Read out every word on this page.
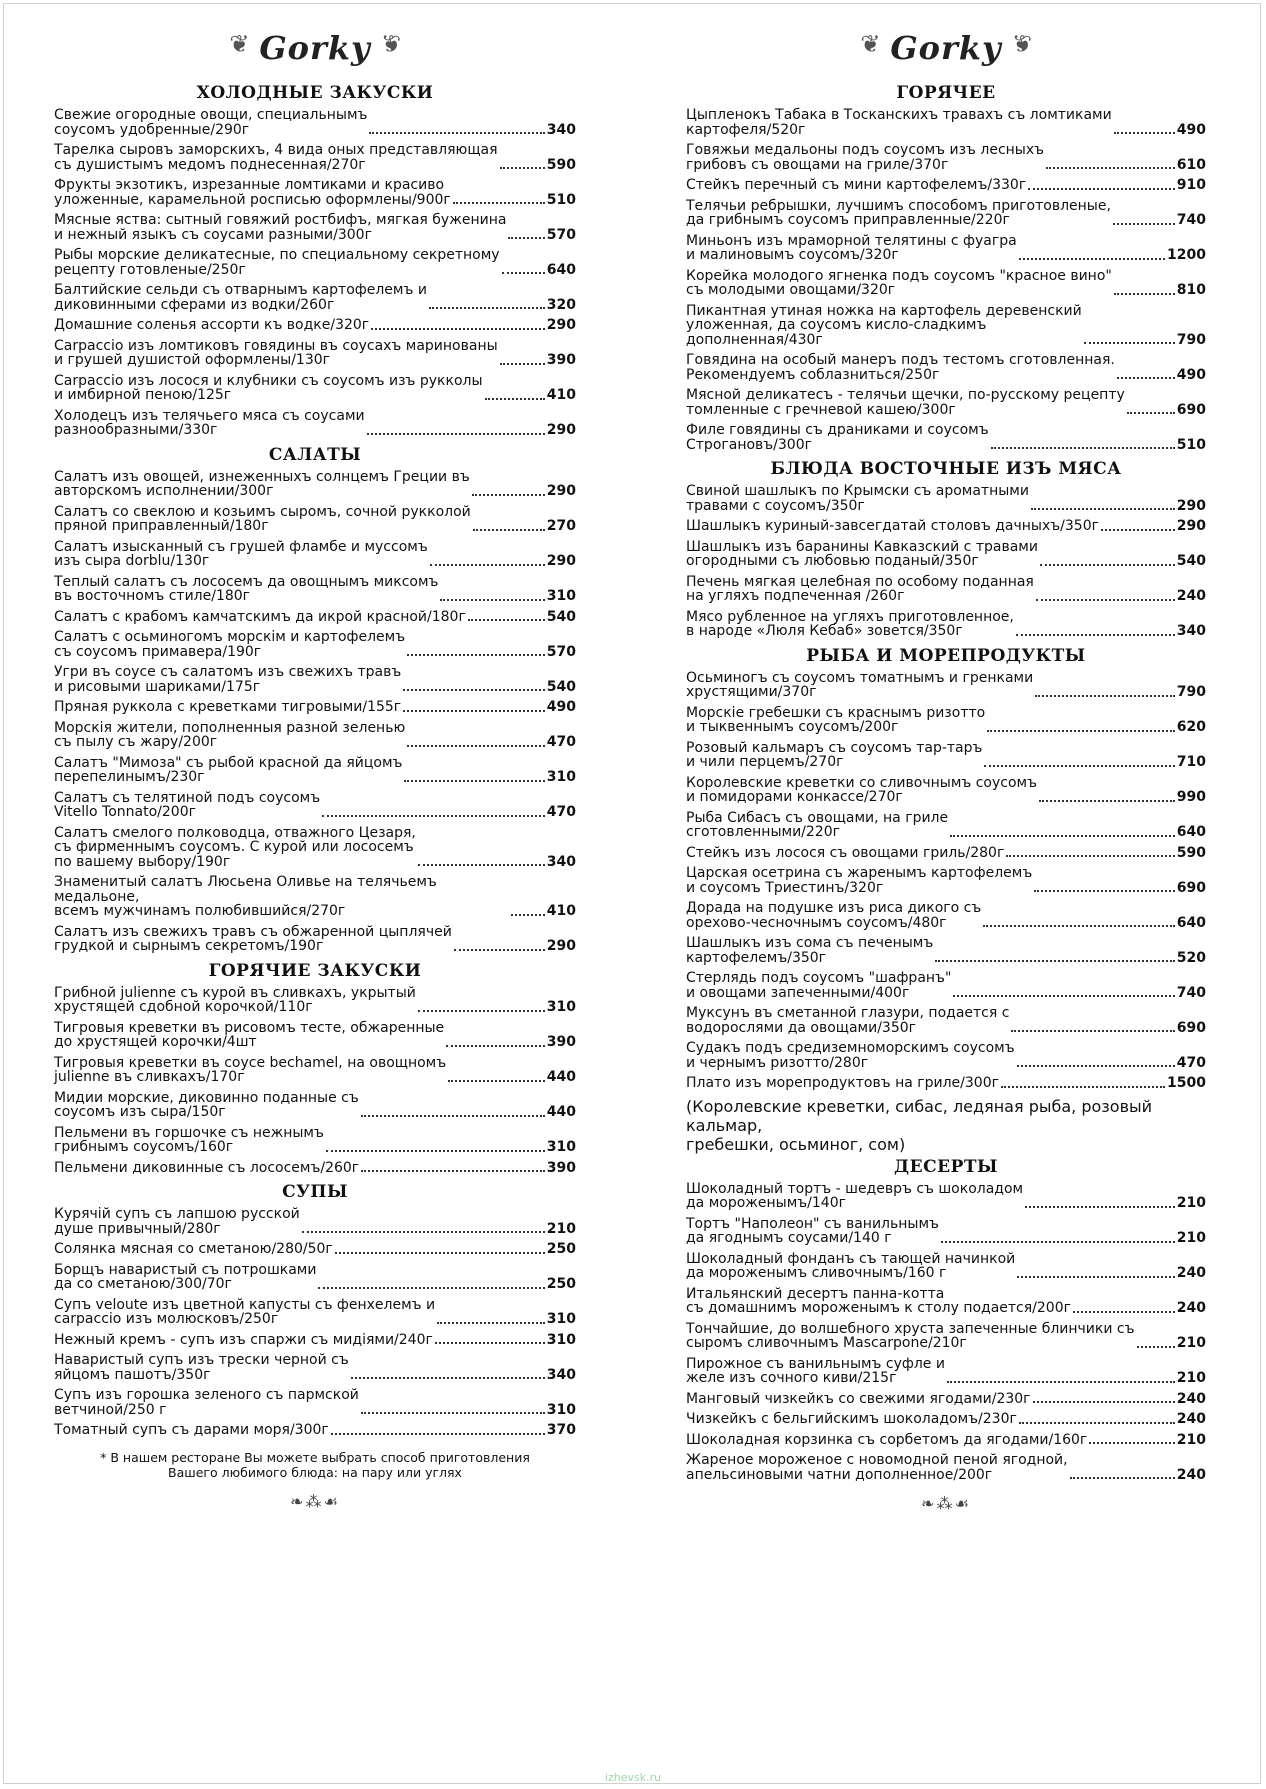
❦ Gorky ❦
ХОЛОДНЫЕ ЗАКУСКИ
Свежие огородные овощи, специальнымъ
соусомъ удобренные/290г	340
Тарелка сыровъ заморскихъ, 4 вида оных представляющая
съ душистымъ медомъ поднесенная/270г	590
Фрукты экзотикъ, изрезанные ломтиками и красиво
уложенные, карамельной росписью оформлены/900г	510
Мясные яства: сытный говяжий ростбифъ, мягкая буженина
и нежный языкъ съ соусами разными/300г	570
Рыбы морские деликатесные, по специальному секретному
рецепту готовленые/250г	640
Балтийские сельди съ отварнымъ картофелемъ и
диковинными сферами из водки/260г	320
Домашние соленья ассорти къ водке/320г	290
Carpaccio изъ ломтиковъ говядины въ соусахъ маринованы
и грушей душистой оформлены/130г	390
Carpaccio изъ лосося и клубники съ соусомъ изъ рукколы
и имбирной пеною/125г	410
Холодецъ изъ телячьего мяса съ соусами
разнообразными/330г	290
САЛАТЫ
Салатъ изъ овощей, изнеженныхъ солнцемъ Греции въ
авторскомъ исполнении/300г	290
Салатъ со свеклою и козьимъ сыромъ, сочной рукколой
пряной приправленный/180г	270
Салатъ изысканный съ грушей фламбе и муссомъ
изъ сыра dorblu/130г	290
Теплый салатъ съ лососемъ да овощнымъ миксомъ
въ восточномъ стиле/180г	310
Салатъ с крабомъ камчатскимъ да икрой красной/180г	540
Салатъ с осьминогомъ морскім и картофелемъ
съ соусомъ примавера/190г	570
Угри въ соусе съ салатомъ изъ свежихъ травъ
и рисовыми шариками/175г	540
Пряная руккола с креветками тигровыми/155г	490
Морскія жители, пополненныя разной зеленью
съ пылу съ жару/200г	470
Салатъ "Мимоза" съ рыбой красной да яйцомъ
перепелинымъ/230г	310
Салатъ съ телятиной подъ соусомъ
Vitello Tonnato/200г	470
Салатъ смелого полководца, отважного Цезаря,
съ фирменнымъ соусомъ. С курой или лососемъ
по вашему выбору/190г	340
Знаменитый салатъ Люсьена Оливье на телячьемъ медальоне,
всемъ мужчинамъ полюбившийся/270г	410
Салатъ изъ свежихъ травъ съ обжаренной цыплячей
грудкой и сырнымъ секретомъ/190г	290
ГОРЯЧИЕ ЗАКУСКИ
Грибной julienne съ курой въ сливкахъ, укрытый
хрустящей сдобной корочкой/110г	310
Тигровыя креветки въ рисовомъ тесте, обжаренные
до хрустящей корочки/4шт	390
Тигровыя креветки въ соусе bechamel, на овощномъ
julienne въ сливкахъ/170г	440
Мидии морские, диковинно поданные съ
соусомъ изъ сыра/150г	440
Пельмени въ горшочке съ нежнымъ
грибнымъ соусомъ/160г	310
Пельмени диковинные съ лососемъ/260г	390
СУПЫ
Курячій супъ съ лапшою русской
душе привычный/280г	210
Солянка мясная со сметаною/280/50г	250
Борщъ наваристый съ потрошками
да со сметаною/300/70г	250
Супъ veloute изъ цветной капусты съ фенхелемъ и
carpaccio изъ молюсковъ/250г	310
Нежный кремъ - супъ изъ спаржи съ мидіями/240г	310
Наваристый супъ изъ трески черной съ
яйцомъ пашотъ/350г	340
Супъ изъ горошка зеленого съ пармской
ветчиной/250 г	310
Томатный супъ съ дарами моря/300г	370
* В нашем ресторане Вы можете выбрать способ приготовления
Вашего любимого блюда: на пару или углях
❧⁂☙
❦ Gorky ❦
ГОРЯЧЕЕ
Цыпленокъ Табака в Тосканскихъ травахъ съ ломтиками
картофеля/520г	490
Говяжьи медальоны подъ соусомъ изъ лесныхъ
грибовъ съ овощами на гриле/370г	610
Стейкъ перечный съ мини картофелемъ/330г	910
Телячьи ребрышки, лучшимъ способомъ приготовленые,
да грибнымъ соусомъ приправленные/220г	740
Миньонъ изъ мраморной телятины с фуагра
и малиновымъ соусомъ/320г	1200
Корейка молодого ягненка подъ соусомъ "красное вино"
съ молодыми овощами/320г	810
Пикантная утиная ножка на картофель деревенский
уложенная, да соусомъ кисло-сладкимъ
дополненная/430г	790
Говядина на особый манеръ подъ тестомъ сготовленная.
Рекомендуемъ соблазниться/250г	490
Мясной деликатесъ - телячьи щечки, по-русскому рецепту
томленные с гречневой кашею/300г	690
Филе говядины съ драниками и соусомъ
Строгановъ/300г	510
БЛЮДА ВОСТОЧНЫЕ ИЗЪ МЯСА
Свиной шашлыкъ по Крымски съ ароматными
травами с соусомъ/350г	290
Шашлыкъ куриный-завсегдатай столовъ дачныхъ/350г	290
Шашлыкъ изъ баранины Кавказский с травами
огородными съ любовью поданый/350г	540
Печень мягкая целебная по особому поданная
на угляхъ подпеченная /260г	240
Мясо рубленное на угляхъ приготовленное,
в народе «Люля Кебаб» зовется/350г	340
РЫБА И МОРЕПРОДУКТЫ
Осьминогъ съ соусомъ томатнымъ и гренками
хрустящими/370г	790
Морскіе гребешки съ краснымъ ризотто
и тыквеннымъ соусомъ/200г	620
Розовый кальмаръ съ соусомъ тар-таръ
и чили перцемъ/270г	710
Королевские креветки со сливочнымъ соусомъ
и помидорами конкассе/270г	990
Рыба Сибасъ съ овощами, на гриле
сготовленными/220г	640
Стейкъ изъ лосося съ овощами гриль/280г	590
Царская осетрина съ жаренымъ картофелемъ
и соусомъ Триестинъ/320г	690
Дорада на подушке изъ риса дикого съ
орехово-чесночнымъ соусомъ/480г	640
Шашлыкъ изъ сома съ печенымъ
картофелемъ/350г	520
Стерлядь подъ соусомъ "шафранъ"
и овощами запеченными/400г	740
Муксунъ въ сметанной глазури, подается с
водорослями да овощами/350г	690
Судакъ подъ средиземноморскимъ соусомъ
и чернымъ ризотто/280г	470
Плато изъ морепродуктовъ на гриле/300г	1500
(Королевские креветки, сибас, ледяная рыба, розовый кальмар,
гребешки, осьминог, сом)
ДЕСЕРТЫ
Шоколадный тортъ - шедевръ съ шоколадом
да мороженымъ/140г	210
Тортъ "Наполеон" съ ванильнымъ
да ягоднымъ соусами/140 г	210
Шоколадный фонданъ съ тающей начинкой
да мороженымъ сливочнымъ/160 г	240
Итальянский десертъ панна-котта
съ домашнимъ мороженымъ к столу подается/200г	240
Тончайшие, до волшебного хруста запеченные блинчики съ
сыромъ сливочнымъ Mascarpone/210г	210
Пирожное съ ванильнымъ суфле и
желе изъ сочного киви/215г	210
Манговый чизкейкъ со свежими ягодами/230г	240
Чизкейкъ с бельгийскимъ шоколадомъ/230г	240
Шоколадная корзинка съ сорбетомъ да ягодами/160г	210
Жареное мороженое с новомодной пеной ягодной,
апельсиновыми чатни дополненное/200г	240
❧⁂☙
izhevsk.ru
